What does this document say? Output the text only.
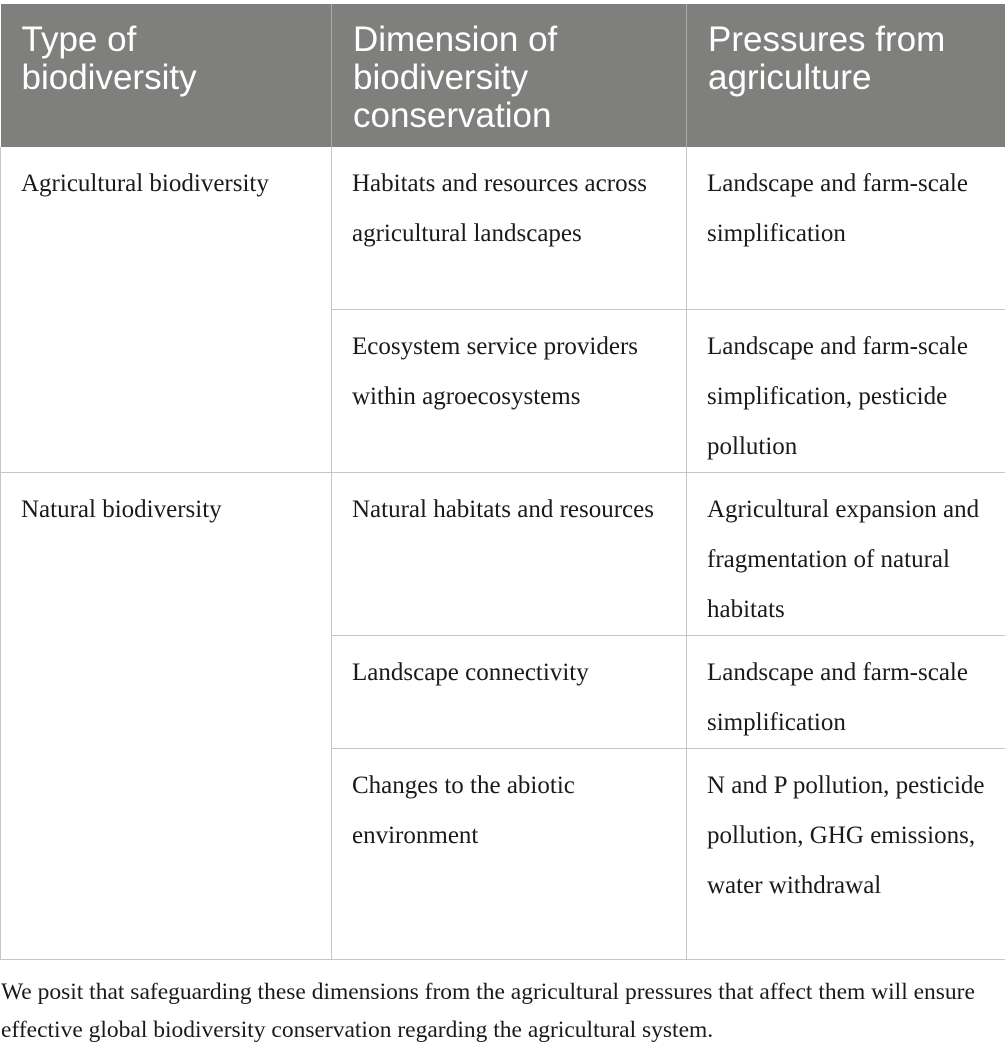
Type of biodiversity	Dimension of biodiversity conservation	Pressures from agriculture
Agricultural biodiversity	Habitats and resources across agricultural landscapes	Landscape and farm-scale simplification
	Ecosystem service providers within agroecosystems	Landscape and farm-scale simplification, pesticide pollution
Natural biodiversity	Natural habitats and resources	Agricultural expansion and fragmentation of natural habitats
	Landscape connectivity	Landscape and farm-scale simplification
	Changes to the abiotic environment	N and P pollution, pesticide pollution, GHG emissions, water withdrawal

We posit that safeguarding these dimensions from the agricultural pressures that affect them will ensure effective global biodiversity conservation regarding the agricultural system.
